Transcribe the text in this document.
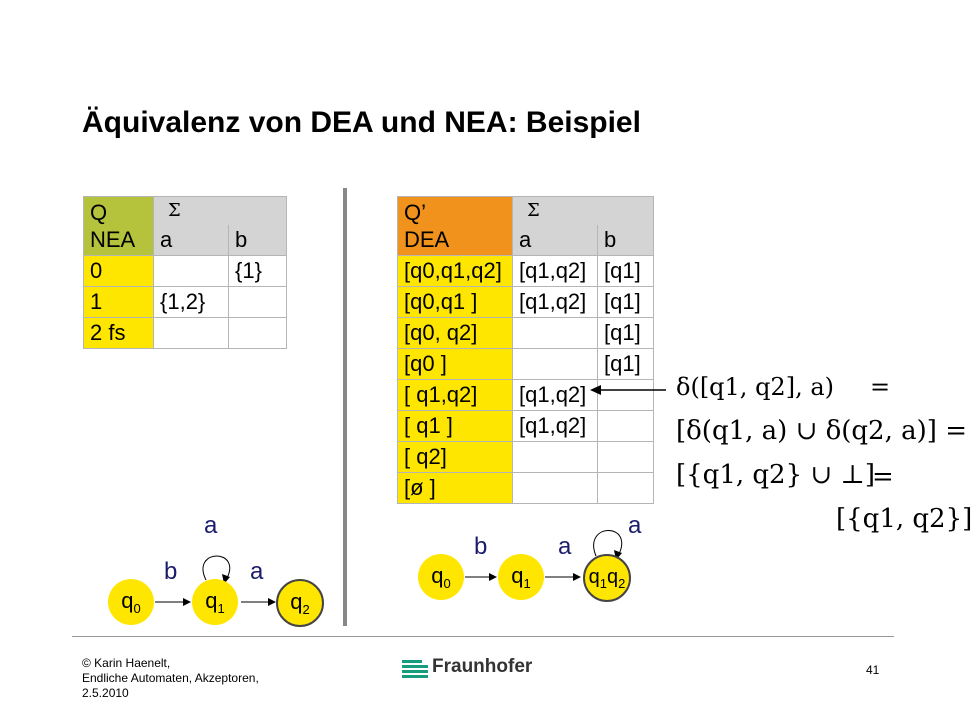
Äquivalenz von DEA und NEA: Beispiel
Q
NEA	Σ	

	a	b
0		{1}
1	{1,2}	
2 fs		
Q’
DEA	Σ	

	a	b
[q0,q1,q2]	[q1,q2]	[q1]
[q0,q1 ]	[q1,q2]	[q1]
[q0, q2]		[q1]
[q0 ]		[q1]
[ q1,q2]	[q1,q2]	
[ q1 ]	[q1,q2]	
[ q2]		
[ø ]		
δ([q1, q2], a) =
[δ(q1, a) ∪ δ(q2, a)] =
[{q1, q2} ∪ ⊥]
=
[{q1, q2}]
$q_0$	$q_1$	$q_2$
a
b	a	$q_0$	$q_1$	$q_1q_2$
a
b	a
© Karin Haenelt,
Endliche Automaten, Akzeptoren,
2.5.2010
Fraunhofer	41
